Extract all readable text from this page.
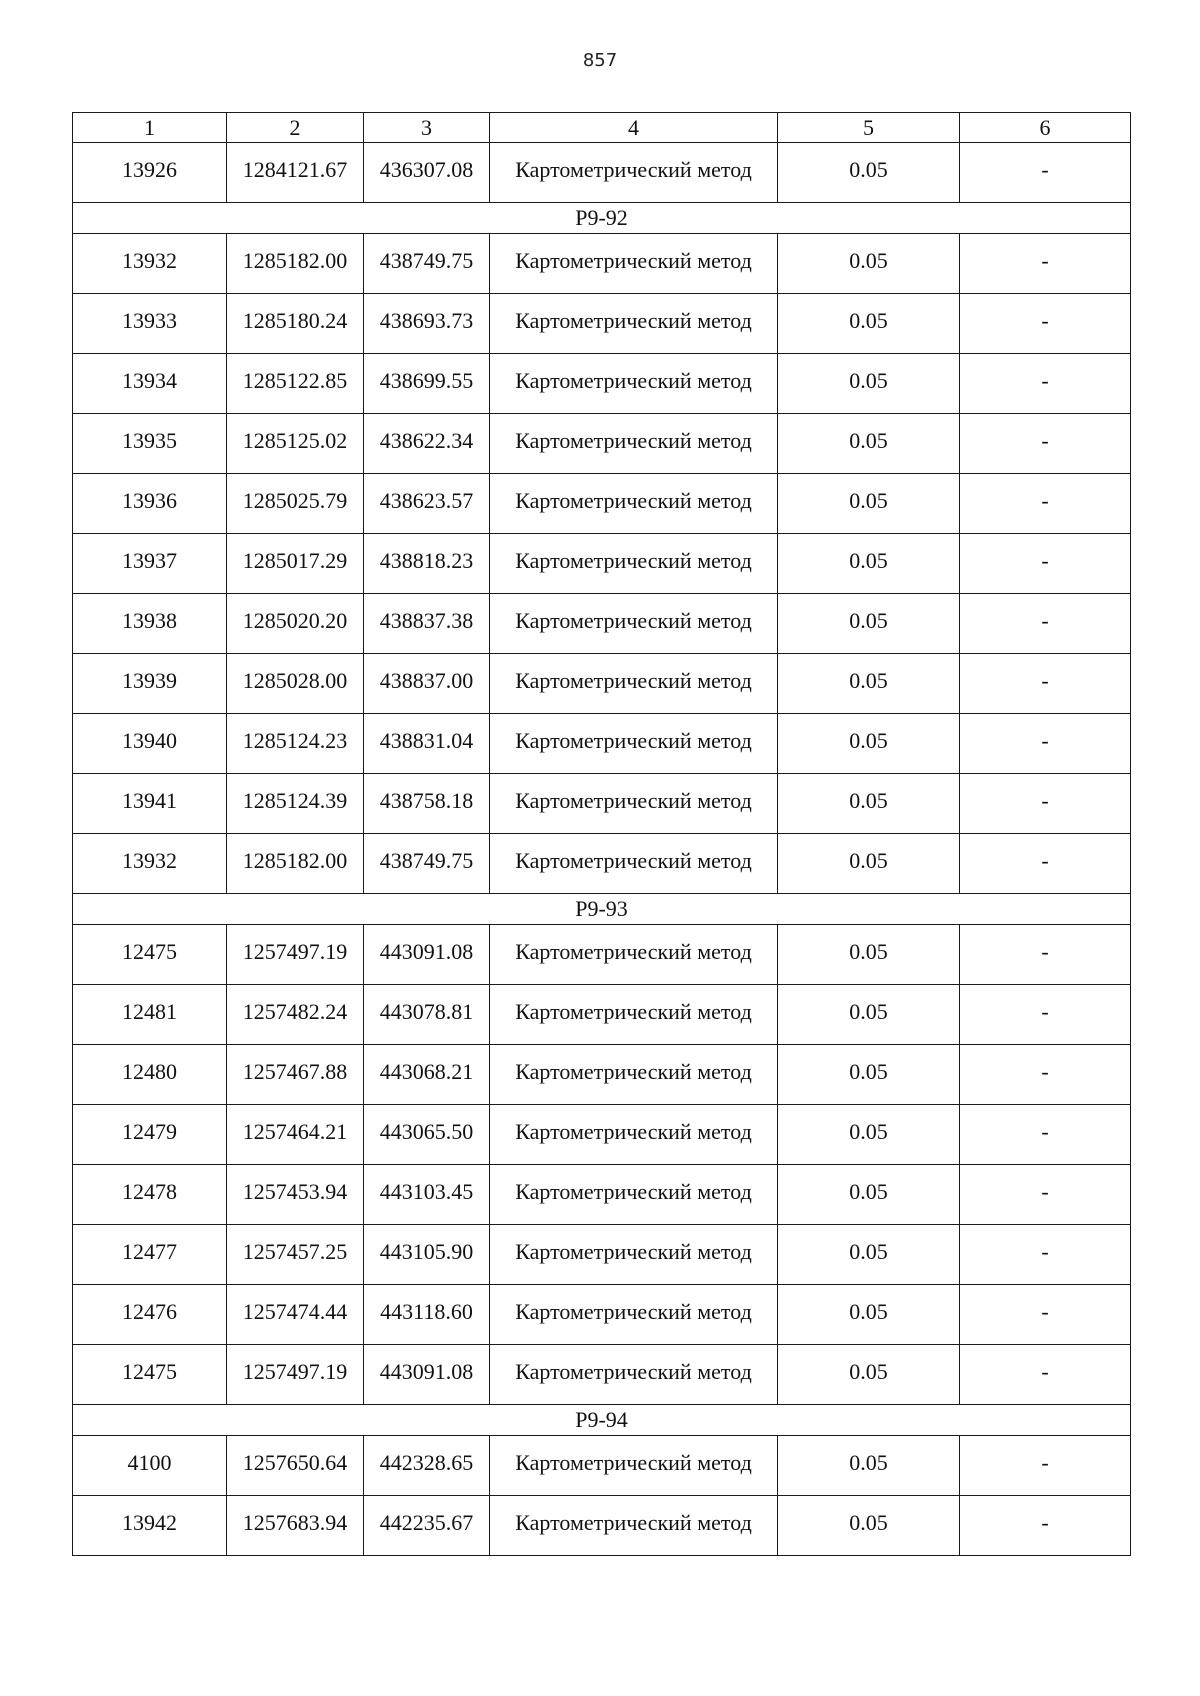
857
1	2	3	4	5	6
13926	1284121.67	436307.08	Картометрический метод	0.05	-
Р9-92					
13932	1285182.00	438749.75	Картометрический метод	0.05	-
13933	1285180.24	438693.73	Картометрический метод	0.05	-
13934	1285122.85	438699.55	Картометрический метод	0.05	-
13935	1285125.02	438622.34	Картометрический метод	0.05	-
13936	1285025.79	438623.57	Картометрический метод	0.05	-
13937	1285017.29	438818.23	Картометрический метод	0.05	-
13938	1285020.20	438837.38	Картометрический метод	0.05	-
13939	1285028.00	438837.00	Картометрический метод	0.05	-
13940	1285124.23	438831.04	Картометрический метод	0.05	-
13941	1285124.39	438758.18	Картометрический метод	0.05	-
13932	1285182.00	438749.75	Картометрический метод	0.05	-
Р9-93					
12475	1257497.19	443091.08	Картометрический метод	0.05	-
12481	1257482.24	443078.81	Картометрический метод	0.05	-
12480	1257467.88	443068.21	Картометрический метод	0.05	-
12479	1257464.21	443065.50	Картометрический метод	0.05	-
12478	1257453.94	443103.45	Картометрический метод	0.05	-
12477	1257457.25	443105.90	Картометрический метод	0.05	-
12476	1257474.44	443118.60	Картометрический метод	0.05	-
12475	1257497.19	443091.08	Картометрический метод	0.05	-
Р9-94					
4100	1257650.64	442328.65	Картометрический метод	0.05	-
13942	1257683.94	442235.67	Картометрический метод	0.05	-
